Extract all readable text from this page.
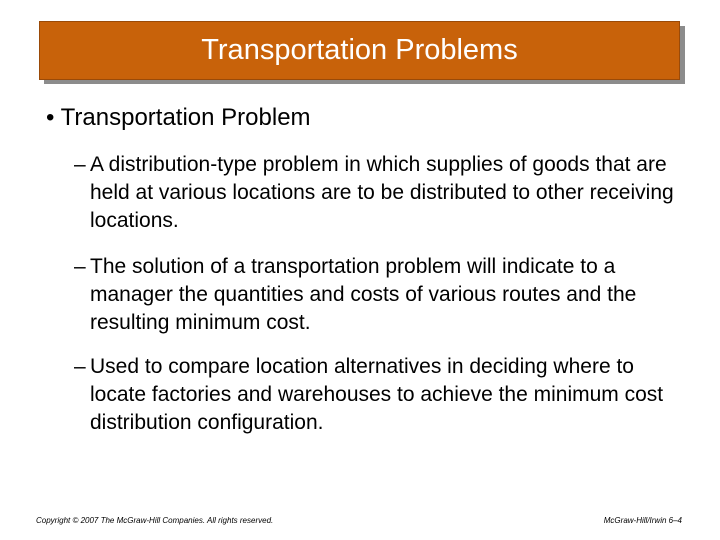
Transportation Problems
• Transportation Problem
– A distribution-type problem in which supplies of goods that are held at various locations are to be distributed to other receiving locations.
– The solution of a transportation problem will indicate to a manager the quantities and costs of various routes and the resulting minimum cost.
– Used to compare location alternatives in deciding where to locate factories and warehouses to achieve the minimum cost distribution configuration.
Copyright © 2007 The McGraw-Hill Companies. All rights reserved.	McGraw-Hill/Irwin 6–4
